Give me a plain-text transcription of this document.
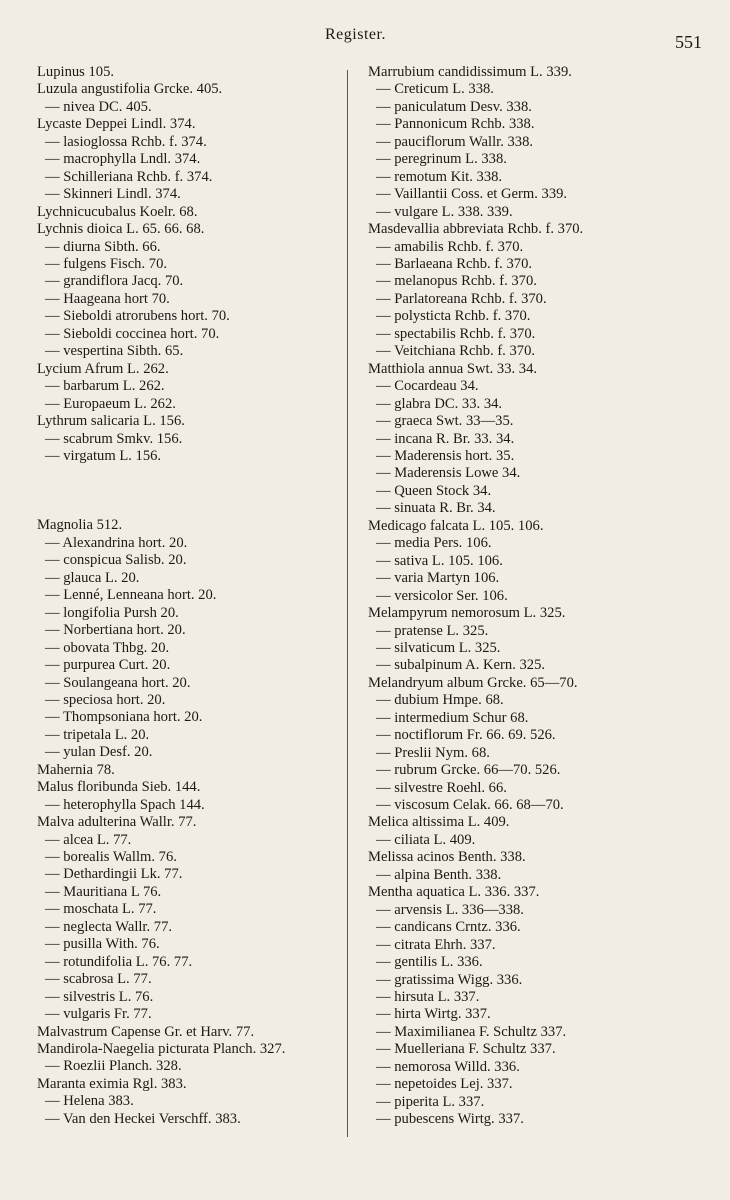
Register.	551
Lupinus 105.
Luzula angustifolia Grcke. 405.
— nivea DC. 405.
Lycaste Deppei Lindl. 374.
— lasioglossa Rchb. f. 374.
— macrophylla Lndl. 374.
— Schilleriana Rchb. f. 374.
— Skinneri Lindl. 374.
Lychnicucubalus Koelr. 68.
Lychnis dioica L. 65. 66. 68.
— diurna Sibth. 66.
— fulgens Fisch. 70.
— grandiflora Jacq. 70.
— Haageana hort 70.
— Sieboldi atrorubens hort. 70.
— Sieboldi coccinea hort. 70.
— vespertina Sibth. 65.
Lycium Afrum L. 262.
— barbarum L. 262.
— Europaeum L. 262.
Lythrum salicaria L. 156.
— scabrum Smkv. 156.
— virgatum L. 156.
Magnolia 512.
— Alexandrina hort. 20.
— conspicua Salisb. 20.
— glauca L. 20.
— Lenné, Lenneana hort. 20.
— longifolia Pursh 20.
— Norbertiana hort. 20.
— obovata Thbg. 20.
— purpurea Curt. 20.
— Soulangeana hort. 20.
— speciosa hort. 20.
— Thompsoniana hort. 20.
— tripetala L. 20.
— yulan Desf. 20.
Mahernia 78.
Malus floribunda Sieb. 144.
— heterophylla Spach 144.
Malva adulterina Wallr. 77.
— alcea L. 77.
— borealis Wallm. 76.
— Dethardingii Lk. 77.
— Mauritiana L 76.
— moschata L. 77.
— neglecta Wallr. 77.
— pusilla With. 76.
— rotundifolia L. 76. 77.
— scabrosa L. 77.
— silvestris L. 76.
— vulgaris Fr. 77.
Malvastrum Capense Gr. et Harv. 77.
Mandirola-Naegelia picturata Planch. 327.
— Roezlii Planch. 328.
Maranta eximia Rgl. 383.
— Helena 383.
— Van den Heckei Verschff. 383.
Marrubium candidissimum L. 339.
— Creticum L. 338.
— paniculatum Desv. 338.
— Pannonicum Rchb. 338.
— pauciflorum Wallr. 338.
— peregrinum L. 338.
— remotum Kit. 338.
— Vaillantii Coss. et Germ. 339.
— vulgare L. 338. 339.
Masdevallia abbreviata Rchb. f. 370.
— amabilis Rchb. f. 370.
— Barlaeana Rchb. f. 370.
— melanopus Rchb. f. 370.
— Parlatoreana Rchb. f. 370.
— polysticta Rchb. f. 370.
— spectabilis Rchb. f. 370.
— Veitchiana Rchb. f. 370.
Matthiola annua Swt. 33. 34.
— Cocardeau 34.
— glabra DC. 33. 34.
— graeca Swt. 33—35.
— incana R. Br. 33. 34.
— Maderensis hort. 35.
— Maderensis Lowe 34.
— Queen Stock 34.
— sinuata R. Br. 34.
Medicago falcata L. 105. 106.
— media Pers. 106.
— sativa L. 105. 106.
— varia Martyn 106.
— versicolor Ser. 106.
Melampyrum nemorosum L. 325.
— pratense L. 325.
— silvaticum L. 325.
— subalpinum A. Kern. 325.
Melandryum album Grcke. 65—70.
— dubium Hmpe. 68.
— intermedium Schur 68.
— noctiflorum Fr. 66. 69. 526.
— Preslii Nym. 68.
— rubrum Grcke. 66—70. 526.
— silvestre Roehl. 66.
— viscosum Celak. 66. 68—70.
Melica altissima L. 409.
— ciliata L. 409.
Melissa acinos Benth. 338.
— alpina Benth. 338.
Mentha aquatica L. 336. 337.
— arvensis L. 336—338.
— candicans Crntz. 336.
— citrata Ehrh. 337.
— gentilis L. 336.
— gratissima Wigg. 336.
— hirsuta L. 337.
— hirta Wirtg. 337.
— Maximilianea F. Schultz 337.
— Muelleriana F. Schultz 337.
— nemorosa Willd. 336.
— nepetoides Lej. 337.
— piperita L. 337.
— pubescens Wirtg. 337.
